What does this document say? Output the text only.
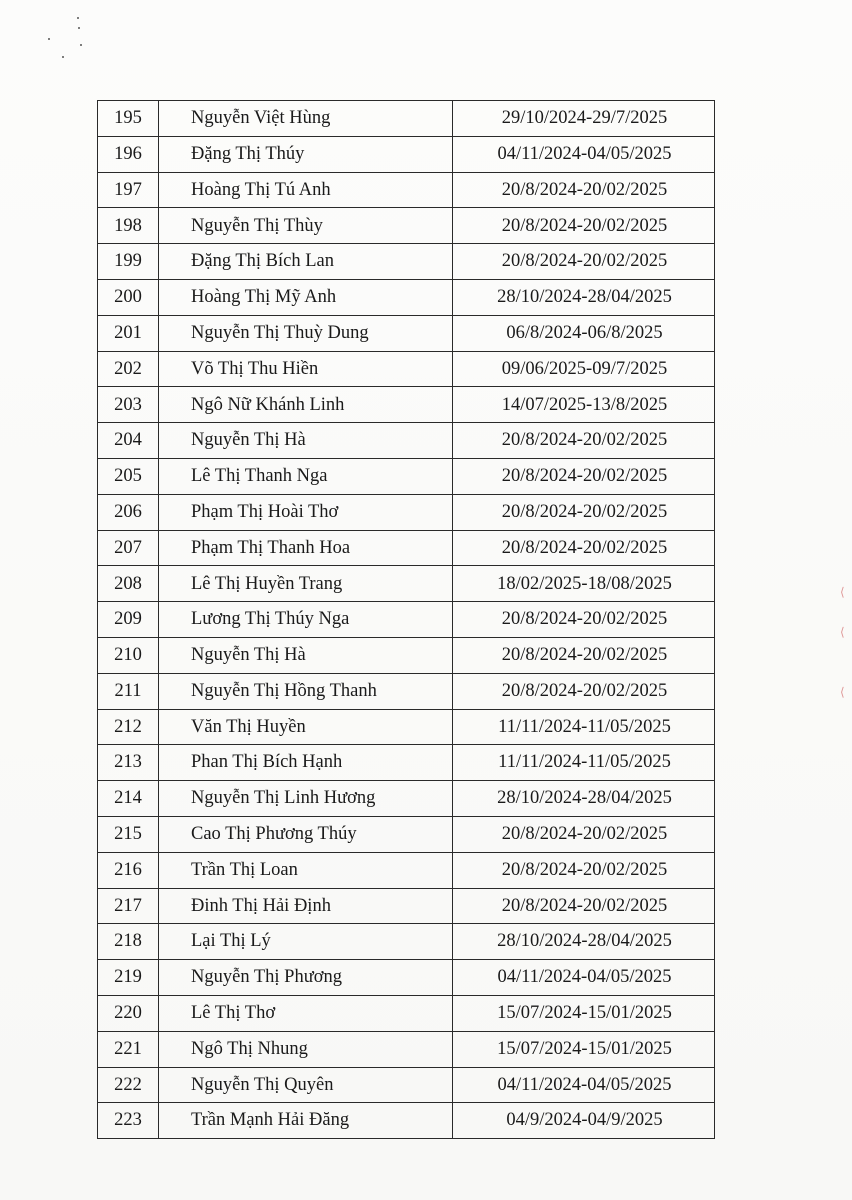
⟨
⟨
⟨
195	Nguyễn Việt Hùng	29/10/2024-29/7/2025
196	Đặng Thị Thúy	04/11/2024-04/05/2025
197	Hoàng Thị Tú Anh	20/8/2024-20/02/2025
198	Nguyễn Thị Thùy	20/8/2024-20/02/2025
199	Đặng Thị Bích Lan	20/8/2024-20/02/2025
200	Hoàng Thị Mỹ Anh	28/10/2024-28/04/2025
201	Nguyễn Thị Thuỳ Dung	06/8/2024-06/8/2025
202	Võ Thị Thu Hiền	09/06/2025-09/7/2025
203	Ngô Nữ Khánh Linh	14/07/2025-13/8/2025
204	Nguyễn Thị Hà	20/8/2024-20/02/2025
205	Lê Thị Thanh Nga	20/8/2024-20/02/2025
206	Phạm Thị Hoài Thơ	20/8/2024-20/02/2025
207	Phạm Thị Thanh Hoa	20/8/2024-20/02/2025
208	Lê Thị Huyền Trang	18/02/2025-18/08/2025
209	Lương Thị Thúy Nga	20/8/2024-20/02/2025
210	Nguyễn Thị Hà	20/8/2024-20/02/2025
211	Nguyễn Thị Hồng Thanh	20/8/2024-20/02/2025
212	Văn Thị Huyền	11/11/2024-11/05/2025
213	Phan Thị Bích Hạnh	11/11/2024-11/05/2025
214	Nguyễn Thị Linh Hương	28/10/2024-28/04/2025
215	Cao Thị Phương Thúy	20/8/2024-20/02/2025
216	Trần Thị Loan	20/8/2024-20/02/2025
217	Đinh Thị Hải Định	20/8/2024-20/02/2025
218	Lại Thị Lý	28/10/2024-28/04/2025
219	Nguyễn Thị Phương	04/11/2024-04/05/2025
220	Lê Thị Thơ	15/07/2024-15/01/2025
221	Ngô Thị Nhung	15/07/2024-15/01/2025
222	Nguyễn Thị Quyên	04/11/2024-04/05/2025
223	Trần Mạnh Hải Đăng	04/9/2024-04/9/2025
